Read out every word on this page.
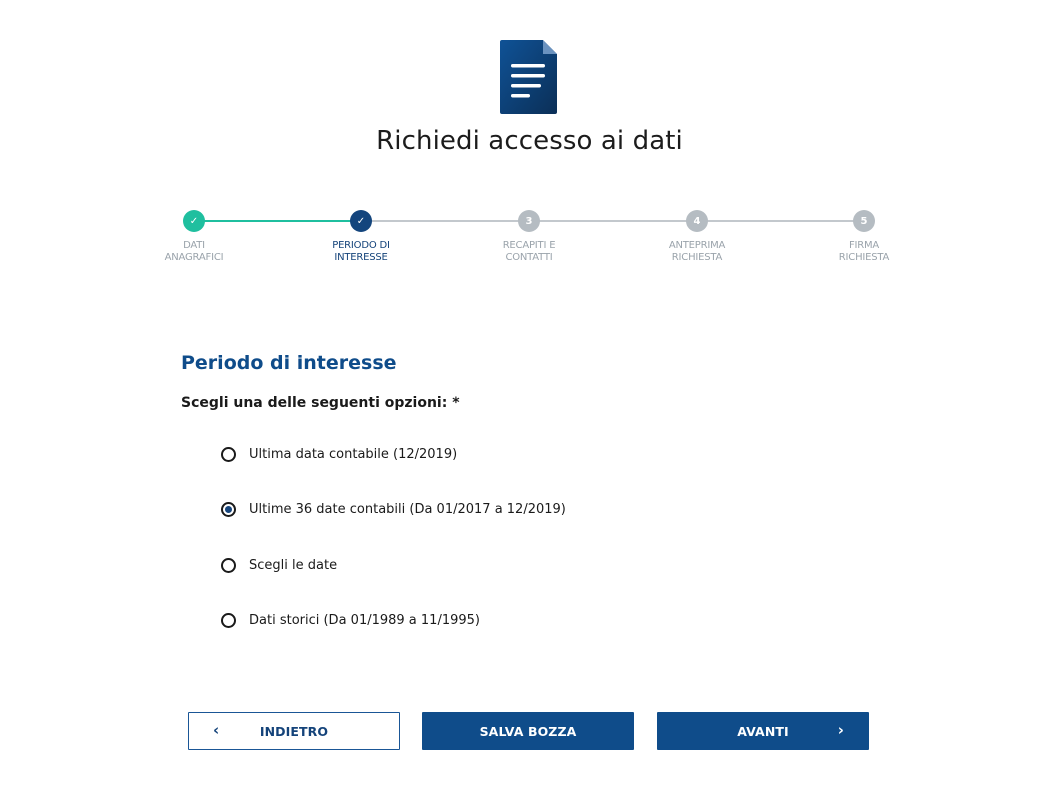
Richiedi accesso ai dati
✓
DATI
ANAGRAFICI
✓
PERIODO DI
INTERESSE
3
RECAPITI E
CONTATTI
4
ANTEPRIMA
RICHIESTA
5
FIRMA
RICHIESTA
Periodo di interesse
Scegli una delle seguenti opzioni: *
Ultima data contabile (12/2019)
Ultime 36 date contabili (Da 01/2017 a 12/2019)
Scegli le date
Dati storici (Da 01/1989 a 11/1995)
‹	INDIETRO	SALVA BOZZA	AVANTI	›
